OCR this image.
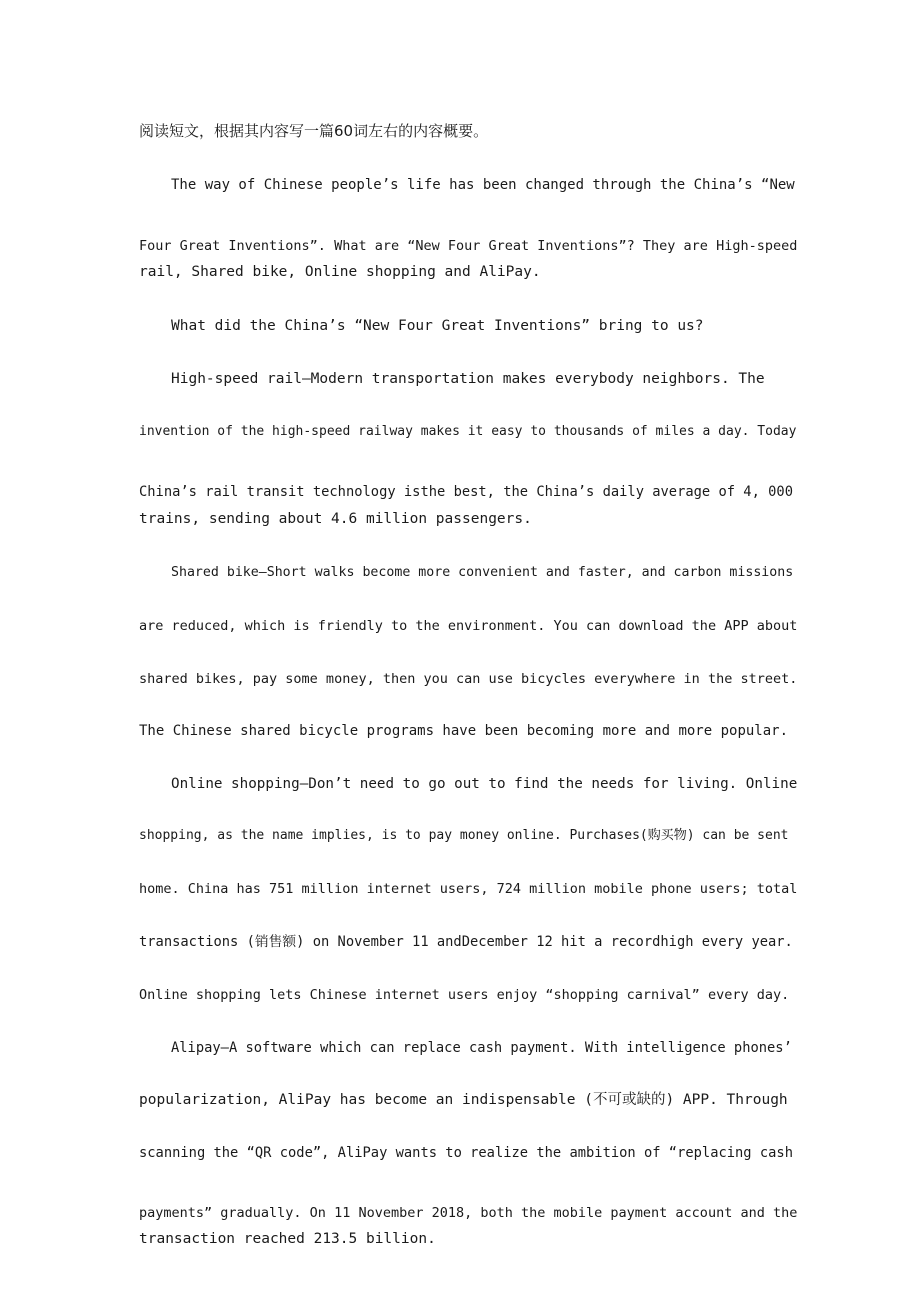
阅读短文，根据其内容写一篇60词左右的内容概要。

The way of Chinese people’s life has been changed through the China’s “New

Four Great Inventions”. What are “New Four Great Inventions”? They are High-speed

rail, Shared bike, Online shopping and AliPay.

What did the China’s “New Four Great Inventions” bring to us?

High-speed rail—Modern transportation makes everybody neighbors. The

invention of the high-speed railway makes it easy to thousands of miles a day. Today

China’s rail transit technology isthe best, the China’s daily average of 4, 000

trains, sending about 4.6 million passengers.

Shared bike—Short walks become more convenient and faster, and carbon missions

are reduced, which is friendly to the environment. You can download the APP about

shared bikes, pay some money, then you can use bicycles everywhere in the street.

The Chinese shared bicycle programs have been becoming more and more popular.

Online shopping—Don’t need to go out to find the needs for living. Online

shopping, as the name implies, is to pay money online. Purchases(购买物) can be sent

home. China has 751 million internet users, 724 million mobile phone users; total

transactions (销售额) on November 11 andDecember 12 hit a recordhigh every year.

Online shopping lets Chinese internet users enjoy “shopping carnival” every day.

Alipay—A software which can replace cash payment. With intelligence phones’

popularization, AliPay has become an indispensable (不可或缺的) APP. Through

scanning the “QR code”, AliPay wants to realize the ambition of “replacing cash

payments” gradually. On 11 November 2018, both the mobile payment account and the

transaction reached 213.5 billion.
